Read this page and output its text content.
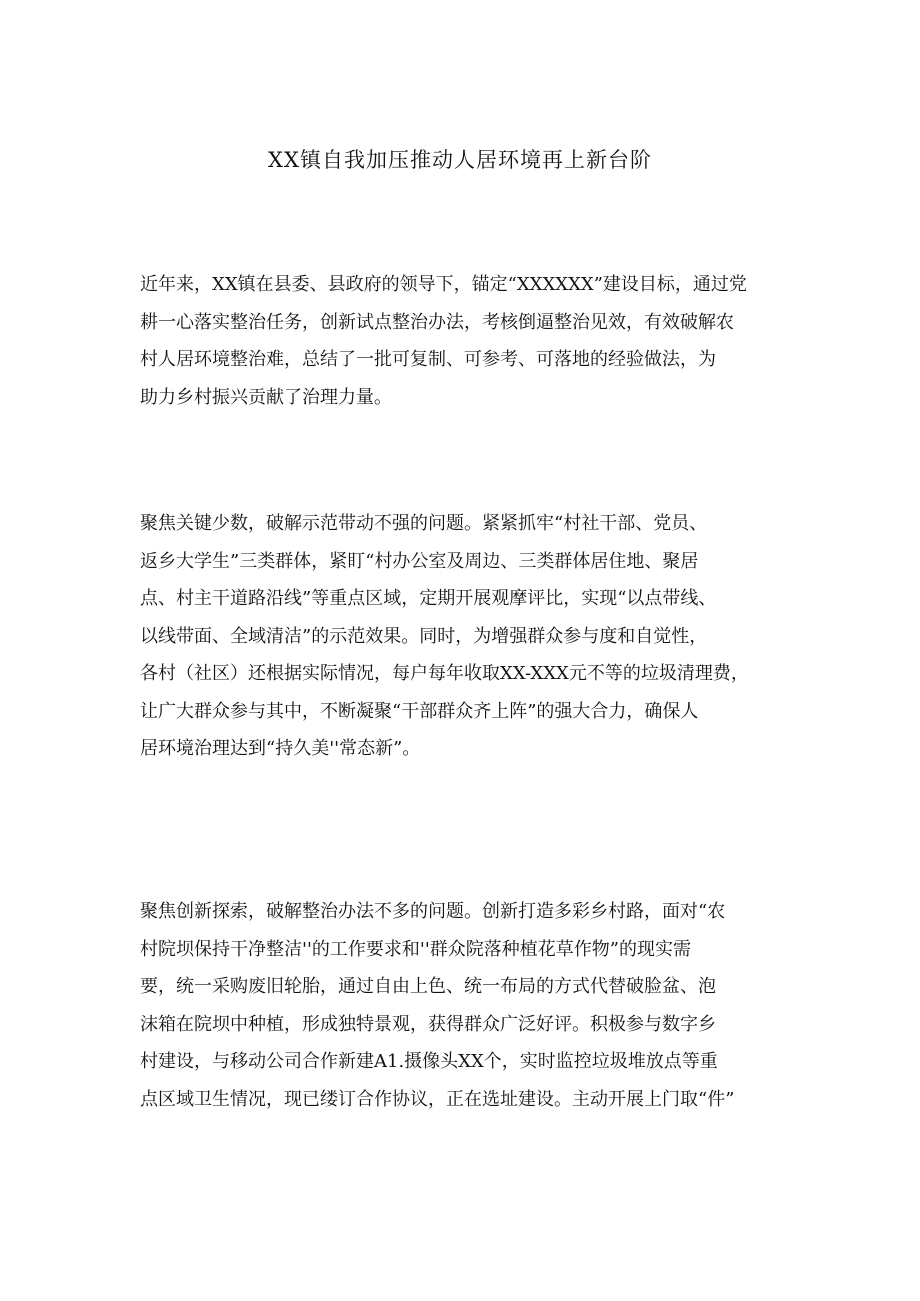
XX镇自我加压推动人居环境再上新台阶

近年来，XX镇在县委、县政府的领导下，锚定“XXXXXX”建设目标，通过党
耕一心落实整治任务，创新试点整治办法，考核倒逼整治见效，有效破解农
村人居环境整治难，总结了一批可复制、可参考、可落地的经验做法，为
助力乡村振兴贡献了治理力量。

聚焦关键少数，破解示范带动不强的问题。紧紧抓牢“村社干部、党员、
返乡大学生”三类群体，紧盯“村办公室及周边、三类群体居住地、聚居
点、村主干道路沿线”等重点区域，定期开展观摩评比，实现“以点带线、
以线带面、全域清洁”的示范效果。同时，为增强群众参与度和自觉性，
各村（社区）还根据实际情况，每户每年收取XX-XXX元不等的垃圾清理费，
让广大群众参与其中，不断凝聚“干部群众齐上阵”的强大合力，确保人
居环境治理达到“持久美''常态新”。

聚焦创新探索，破解整治办法不多的问题。创新打造多彩乡村路，面对“农
村院坝保持干净整洁''的工作要求和''群众院落种植花草作物”的现实需
要，统一采购废旧轮胎，通过自由上色、统一布局的方式代替破脸盆、泡
沫箱在院坝中种植，形成独特景观，获得群众广泛好评。积极参与数字乡
村建设，与移动公司合作新建A1.摄像头XX个，实时监控垃圾堆放点等重
点区域卫生情况，现已缕订合作协议，正在选址建设。主动开展上门取“件”
